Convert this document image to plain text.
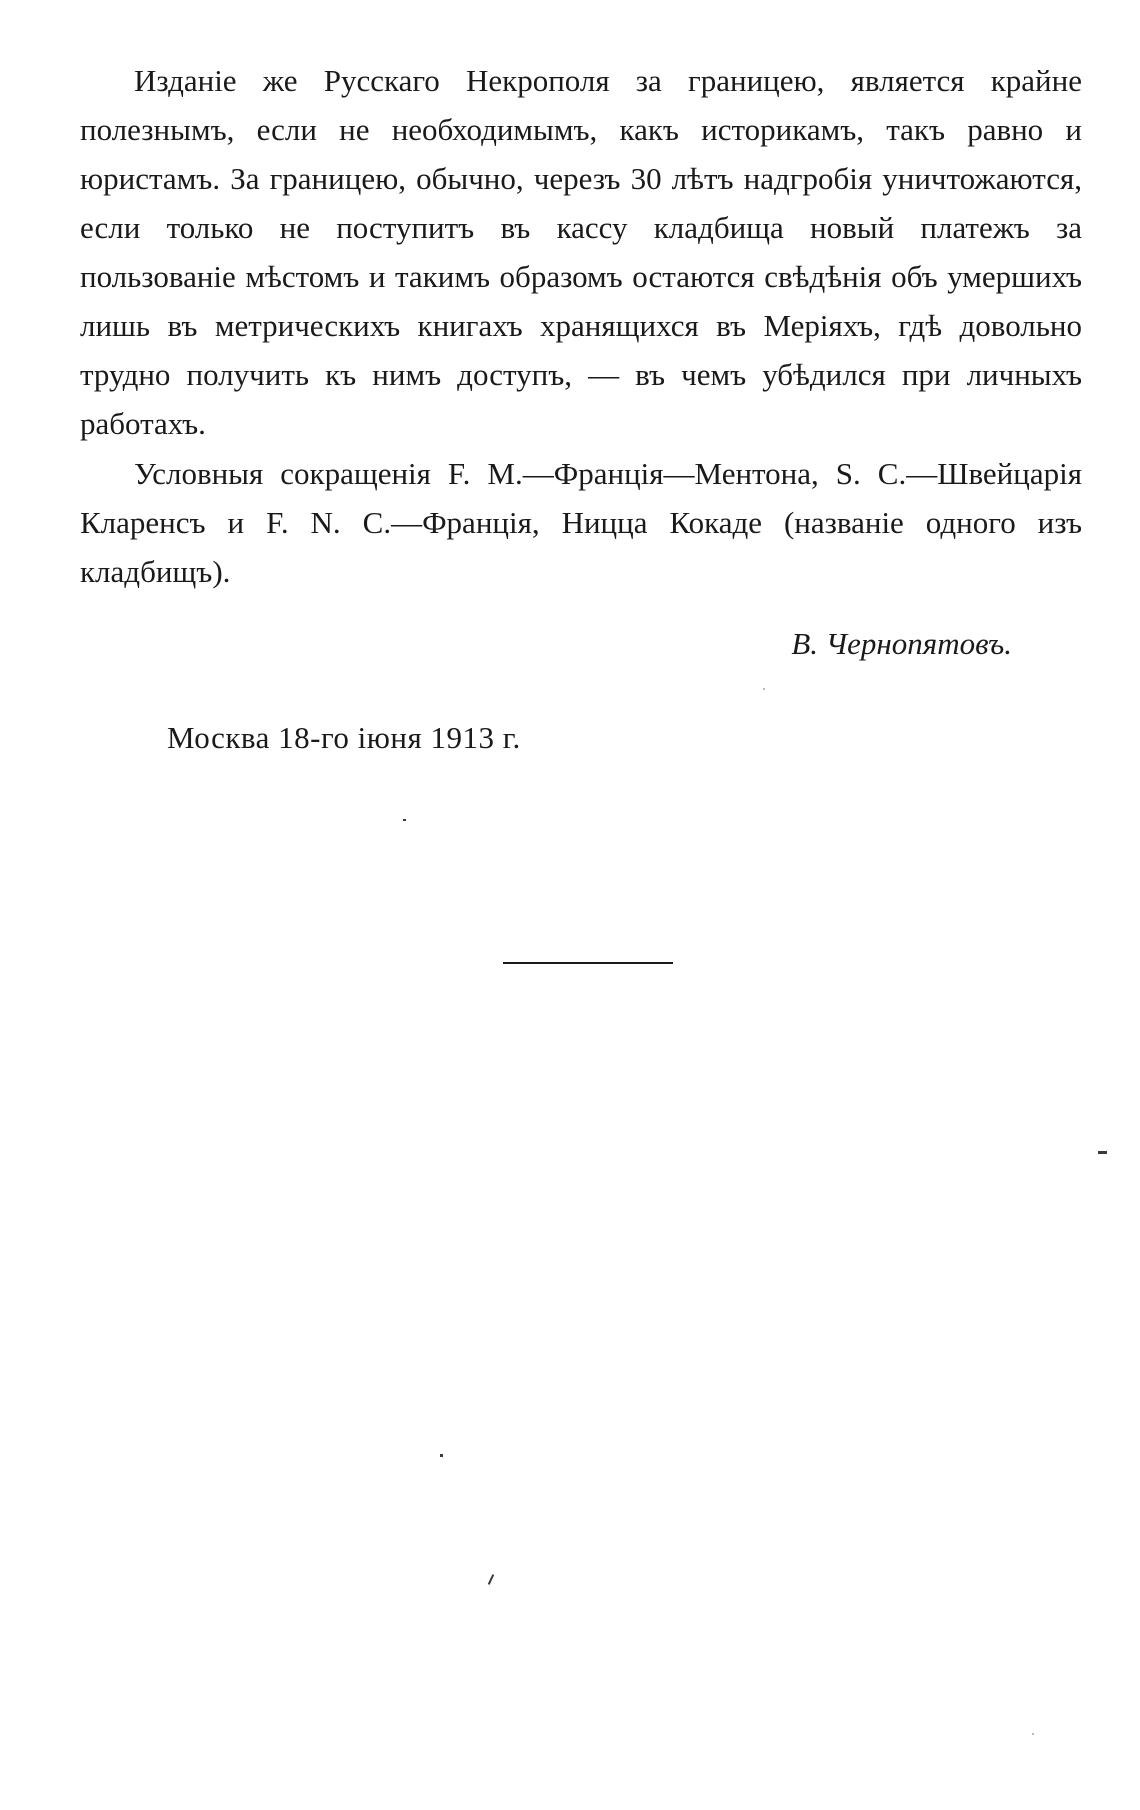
Изданіе же Русскаго Некрополя за границею, является крайне полезнымъ, если не необходимымъ, какъ историкамъ, такъ равно и юристамъ. За границею, обычно, черезъ 30 лѣтъ надгробія уничтожаются, если только не поступитъ въ кассу кладбища новый платежъ за пользованіе мѣстомъ и такимъ образомъ остаются свѣдѣнія объ умершихъ лишь въ метрическихъ книгахъ хранящихся въ Меріяхъ, гдѣ довольно трудно получить къ нимъ доступъ, — въ чемъ убѣдился при личныхъ работахъ.

Условныя сокращенія F. M.—Франція—Ментона, S. C.—Швейцарія Кларенсъ и F. N. C.—Франція, Ницца Кокаде (названіе одного изъ кладбищъ).

В. Чернопятовъ.
Москва 18-го іюня 1913 г.
